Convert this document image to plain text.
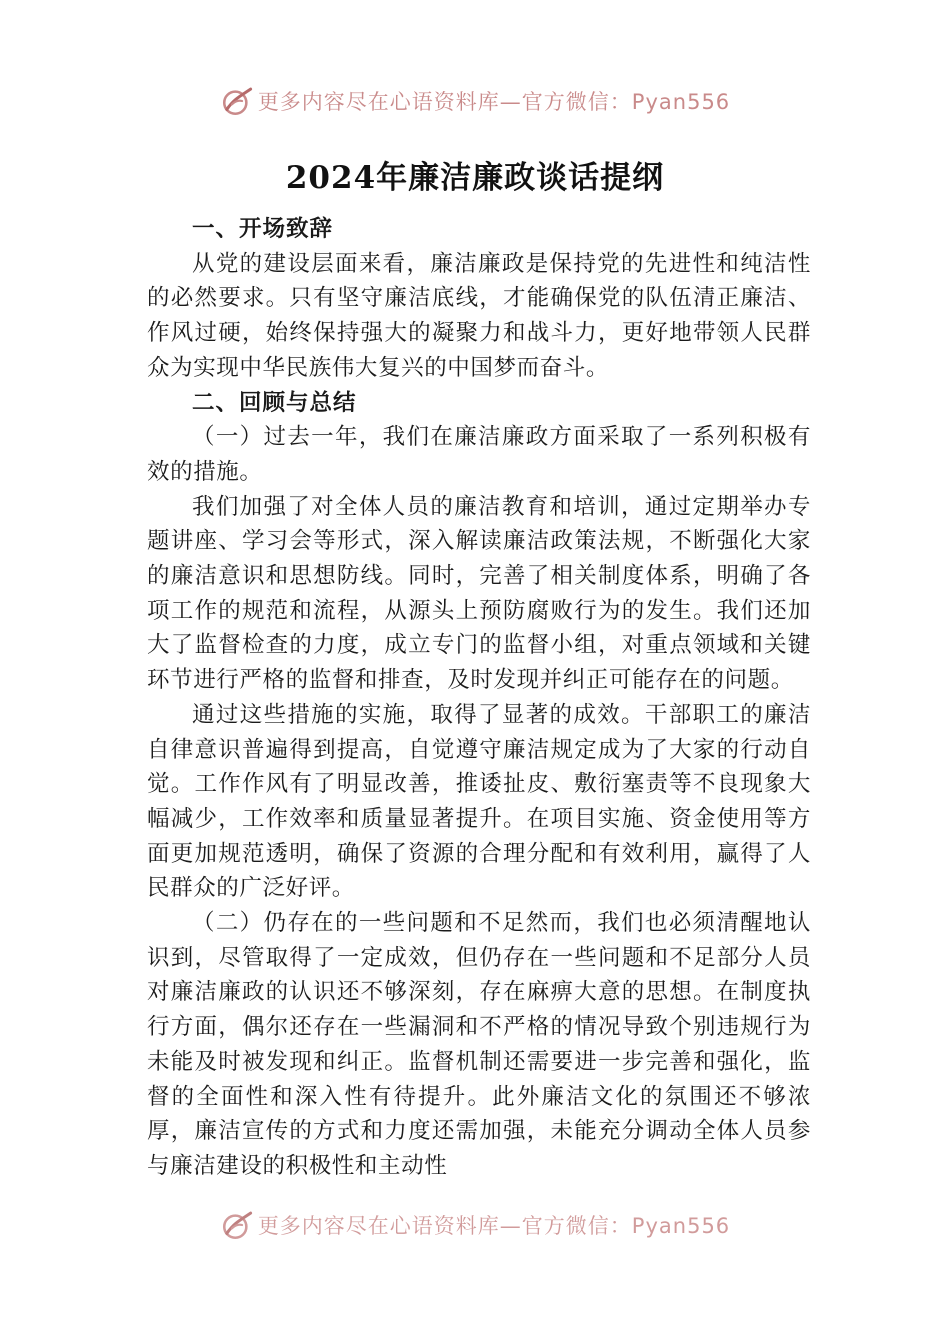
更多内容尽在心语资料库—官方微信：Pyan556
2024年廉洁廉政谈话提纲

一、开场致辞

从党的建设层面来看，廉洁廉政是保持党的先进性和纯洁性的必然要求。只有坚守廉洁底线，才能确保党的队伍清正廉洁、作风过硬，始终保持强大的凝聚力和战斗力，更好地带领人民群众为实现中华民族伟大复兴的中国梦而奋斗。

二、回顾与总结

（一）过去一年，我们在廉洁廉政方面采取了一系列积极有效的措施。

我们加强了对全体人员的廉洁教育和培训，通过定期举办专题讲座、学习会等形式，深入解读廉洁政策法规，不断强化大家的廉洁意识和思想防线。同时，完善了相关制度体系，明确了各项工作的规范和流程，从源头上预防腐败行为的发生。我们还加大了监督检查的力度，成立专门的监督小组，对重点领域和关键环节进行严格的监督和排查，及时发现并纠正可能存在的问题。

通过这些措施的实施，取得了显著的成效。干部职工的廉洁自律意识普遍得到提高，自觉遵守廉洁规定成为了大家的行动自觉。工作作风有了明显改善，推诿扯皮、敷衍塞责等不良现象大幅减少，工作效率和质量显著提升。在项目实施、资金使用等方面更加规范透明，确保了资源的合理分配和有效利用，赢得了人民群众的广泛好评。

（二）仍存在的一些问题和不足然而，我们也必须清醒地认识到，尽管取得了一定成效，但仍存在一些问题和不足部分人员对廉洁廉政的认识还不够深刻，存在麻痹大意的思想。在制度执行方面，偶尔还存在一些漏洞和不严格的情况导致个别违规行为未能及时被发现和纠正。监督机制还需要进一步完善和强化，监督的全面性和深入性有待提升。此外廉洁文化的氛围还不够浓厚，廉洁宣传的方式和力度还需加强，未能充分调动全体人员参与廉洁建设的积极性和主动性

更多内容尽在心语资料库—官方微信：Pyan556
